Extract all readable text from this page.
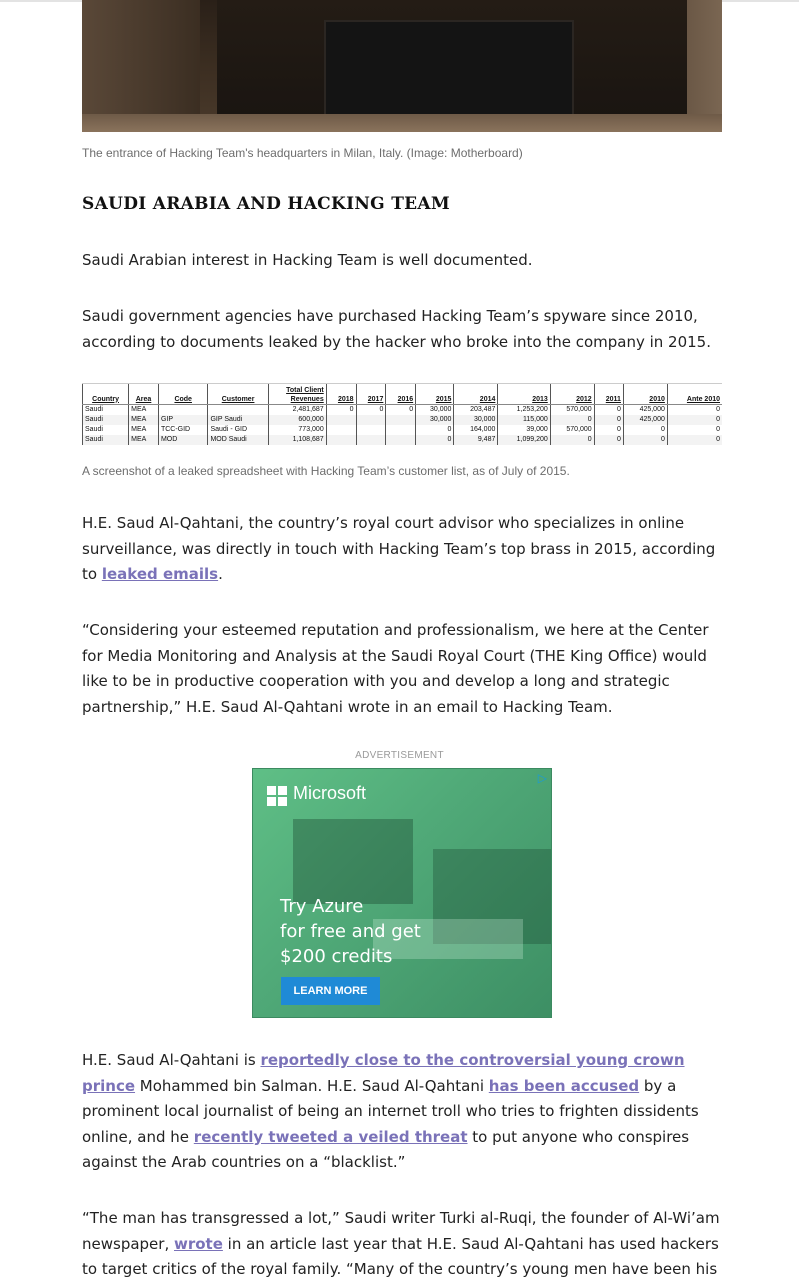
The entrance of Hacking Team's headquarters in Milan, Italy. (Image: Motherboard)
SAUDI ARABIA AND HACKING TEAM

Saudi Arabian interest in Hacking Team is well documented.

Saudi government agencies have purchased Hacking Team’s spyware since 2010, according to documents leaked by the hacker who broke into the company in 2015.

Country	Area	Code	Customer	Total Client Revenues	2018	2017	2016	2015	2014	2013	2012	2011	2010	Ante 2010
Saudi	MEA			2,481,687	0	0	0	30,000	203,487	1,253,200	570,000	0	425,000	0
Saudi	MEA	GIP	GIP Saudi	600,000				30,000	30,000	115,000	0	0	425,000	0
Saudi	MEA	TCC-GID	Saudi - GID	773,000				0	164,000	39,000	570,000	0	0	0
Saudi	MEA	MOD	MOD Saudi	1,108,687				0	9,487	1,099,200	0	0	0	0
A screenshot of a leaked spreadsheet with Hacking Team’s customer list, as of July of 2015.

H.E. Saud Al-Qahtani, the country’s royal court advisor who specializes in online surveillance, was directly in touch with Hacking Team’s top brass in 2015, according to leaked emails.

“Considering your esteemed reputation and professionalism, we here at the Center for Media Monitoring and Analysis at the Saudi Royal Court (THE King Office) would like to be in productive cooperation with you and develop a long and strategic partnership,” H.E. Saud Al-Qahtani wrote in an email to Hacking Team.

ADVERTISEMENT
Microsoft
▷
Try Azure
for free and get
$200 credits
LEARN MORE

H.E. Saud Al-Qahtani is reportedly close to the controversial young crown prince Mohammed bin Salman. H.E. Saud Al-Qahtani has been accused by a prominent local journalist of being an internet troll who tries to frighten dissidents online, and he recently tweeted a veiled threat to put anyone who conspires against the Arab countries on a “blacklist.”

“The man has transgressed a lot,” Saudi writer Turki al-Ruqi, the founder of Al-Wi’am newspaper, wrote in an article last year that H.E. Saud Al-Qahtani has used hackers to target critics of the royal family. “Many of the country’s young men have been his
